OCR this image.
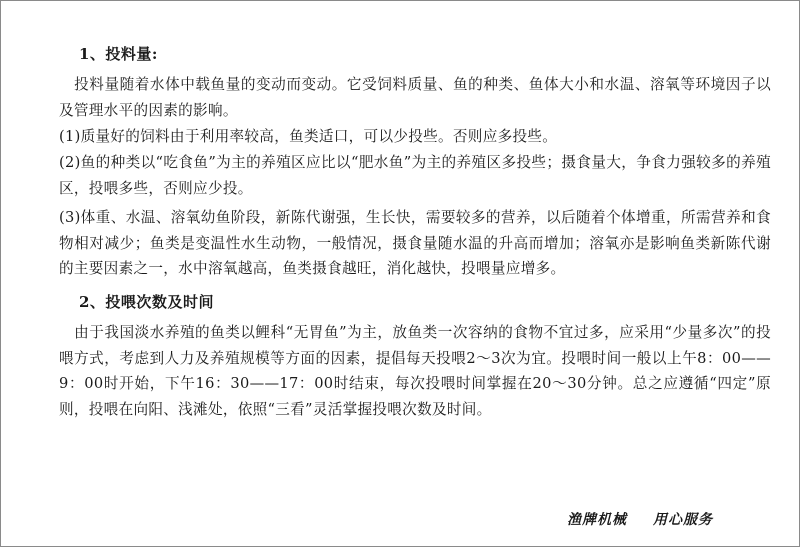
1、投料量:
　投料量随着水体中载鱼量的变动而变动。它受饲料质量、鱼的种类、鱼体大小和水温、溶氧等环境因子以及管理水平的因素的影响。
(1)质量好的饲料由于利用率较高，鱼类适口，可以少投些。否则应多投些。
(2)鱼的种类以“吃食鱼”为主的养殖区应比以“肥水鱼”为主的养殖区多投些；摄食量大，争食力强较多的养殖区，投喂多些，否则应少投。
(3)体重、水温、溶氧幼鱼阶段，新陈代谢强，生长快，需要较多的营养，以后随着个体增重，所需营养和食物相对减少；鱼类是变温性水生动物，一般情况，摄食量随水温的升高而增加；溶氧亦是影响鱼类新陈代谢的主要因素之一，水中溶氧越高，鱼类摄食越旺，消化越快，投喂量应增多。
2、投喂次数及时间
　由于我国淡水养殖的鱼类以鲤科“无胃鱼”为主，放鱼类一次容纳的食物不宜过多，应采用“少量多次”的投喂方式，考虑到人力及养殖规模等方面的因素，提倡每天投喂2～3次为宜。投喂时间一般以上午8：00——9：00时开始，下午16：30——17：00时结束，每次投喂时间掌握在20～30分钟。总之应遵循“四定”原则，投喂在向阳、浅滩处，依照“三看”灵活掌握投喂次数及时间。
渔牌机械 用心服务
